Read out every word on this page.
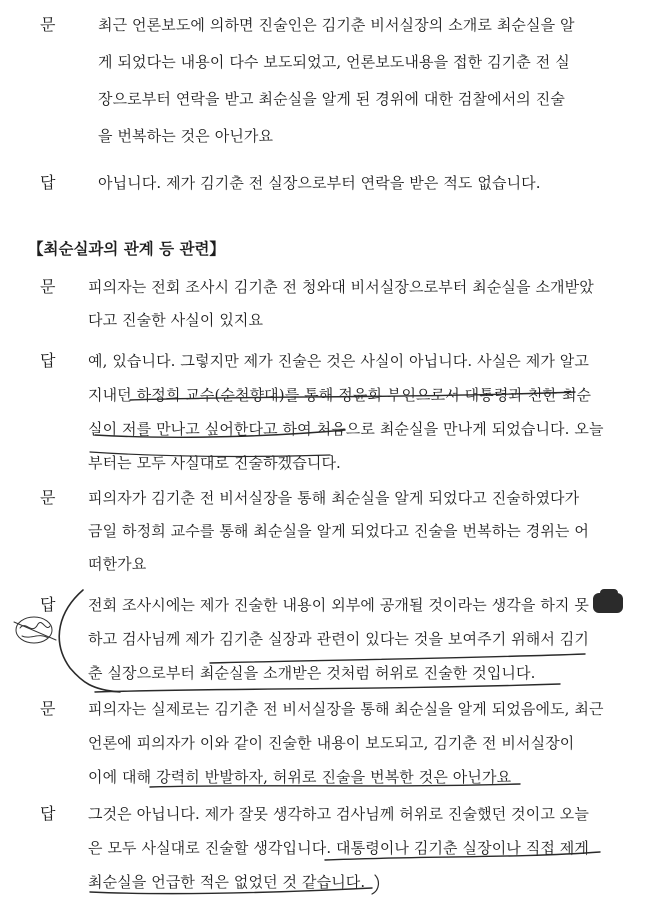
문	최근 언론보도에 의하면 진술인은 김기춘 비서실장의 소개로 최순실을 알
게 되었다는 내용이 다수 보도되었고, 언론보도내용을 접한 김기춘 전 실
장으로부터 연락을 받고 최순실을 알게 된 경위에 대한 검찰에서의 진술
을 번복하는 것은 아닌가요
답	아닙니다. 제가 김기춘 전 실장으로부터 연락을 받은 적도 없습니다.
【최순실과의 관계 등 관련】
문 피의자는 전회 조사시 김기춘 전 청와대 비서실장으로부터 최순실을 소개받았
다고 진술한 사실이 있지요
답 예, 있습니다. 그렇지만 제가 진술은 것은 사실이 아닙니다. 사실은 제가 알고
지내던 하정희 교수(순천향대)를 통해 정윤회 부인으로서 대통령과 친한 최순
실이 저를 만나고 싶어한다고 하여 처음으로 최순실을 만나게 되었습니다. 오늘
부터는 모두 사실대로 진술하겠습니다.
문 피의자가 김기춘 전 비서실장을 통해 최순실을 알게 되었다고 진술하였다가
금일 하정희 교수를 통해 최순실을 알게 되었다고 진술을 번복하는 경위는 어
떠한가요
답 전회 조사시에는 제가 진술한 내용이 외부에 공개될 것이라는 생각을 하지 못
하고 검사님께 제가 김기춘 실장과 관련이 있다는 것을 보여주기 위해서 김기
춘 실장으로부터 최순실을 소개받은 것처럼 허위로 진술한 것입니다.
문 피의자는 실제로는 김기춘 전 비서실장을 통해 최순실을 알게 되었음에도, 최근
언론에 피의자가 이와 같이 진술한 내용이 보도되고, 김기춘 전 비서실장이
이에 대해 강력히 반발하자, 허위로 진술을 번복한 것은 아닌가요
답 그것은 아닙니다. 제가 잘못 생각하고 검사님께 허위로 진술했던 것이고 오늘
은 모두 사실대로 진술할 생각입니다. 대통령이나 김기춘 실장이나 직접 제게
최순실을 언급한 적은 없었던 것 같습니다.
